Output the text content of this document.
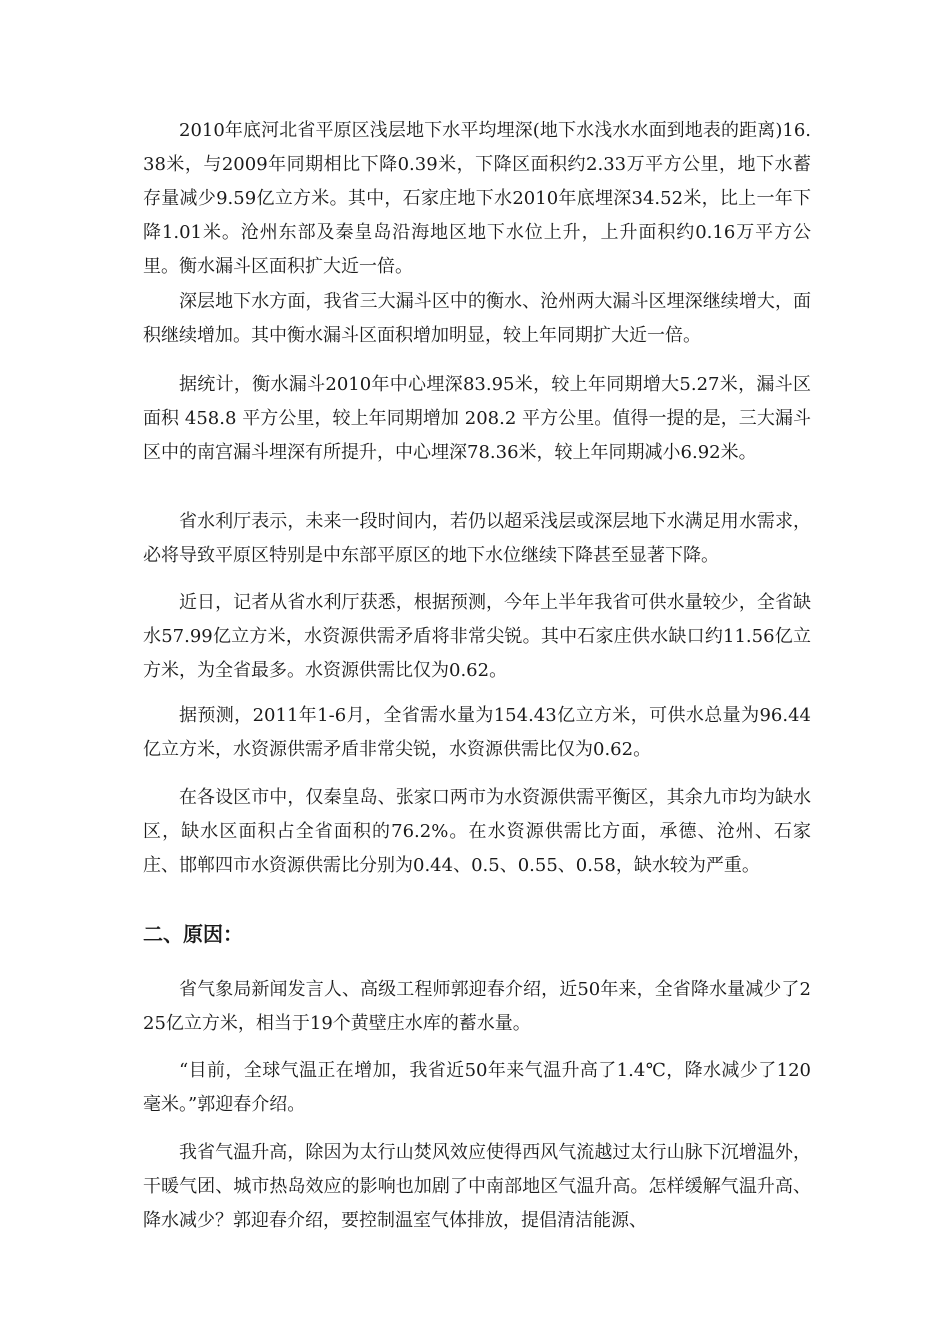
2010年底河北省平原区浅层地下水平均埋深(地下水浅水水面到地表的距离)16.38米，与2009年同期相比下降0.39米，下降区面积约2.33万平方公里，地下水蓄存量减少9.59亿立方米。其中，石家庄地下水2010年底埋深34.52米，比上一年下降1.01米。沧州东部及秦皇岛沿海地区地下水位上升，上升面积约0.16万平方公里。衡水漏斗区面积扩大近一倍。

深层地下水方面，我省三大漏斗区中的衡水、沧州两大漏斗区埋深继续增大，面积继续增加。其中衡水漏斗区面积增加明显，较上年同期扩大近一倍。

据统计，衡水漏斗2010年中心埋深83.95米，较上年同期增大5.27米，漏斗区面积 458.8 平方公里，较上年同期增加 208.2 平方公里。值得一提的是，三大漏斗区中的南宫漏斗埋深有所提升，中心埋深78.36米，较上年同期减小6.92米。

省水利厅表示，未来一段时间内，若仍以超采浅层或深层地下水满足用水需求，必将导致平原区特别是中东部平原区的地下水位继续下降甚至显著下降。

近日，记者从省水利厅获悉，根据预测，今年上半年我省可供水量较少，全省缺水57.99亿立方米，水资源供需矛盾将非常尖锐。其中石家庄供水缺口约11.56亿立方米，为全省最多。水资源供需比仅为0.62。

据预测，2011年1-6月，全省需水量为154.43亿立方米，可供水总量为96.44亿立方米，水资源供需矛盾非常尖锐，水资源供需比仅为0.62。

在各设区市中，仅秦皇岛、张家口两市为水资源供需平衡区，其余九市均为缺水区，缺水区面积占全省面积的76.2%。在水资源供需比方面，承德、沧州、石家庄、邯郸四市水资源供需比分别为0.44、0.5、0.55、0.58，缺水较为严重。

二、原因：

省气象局新闻发言人、高级工程师郭迎春介绍，近50年来，全省降水量减少了225亿立方米，相当于19个黄壁庄水库的蓄水量。

“目前，全球气温正在增加，我省近50年来气温升高了1.4℃，降水减少了120毫米。”郭迎春介绍。

我省气温升高，除因为太行山焚风效应使得西风气流越过太行山脉下沉增温外，干暖气团、城市热岛效应的影响也加剧了中南部地区气温升高。怎样缓解气温升高、降水减少？郭迎春介绍，要控制温室气体排放，提倡清洁能源、
